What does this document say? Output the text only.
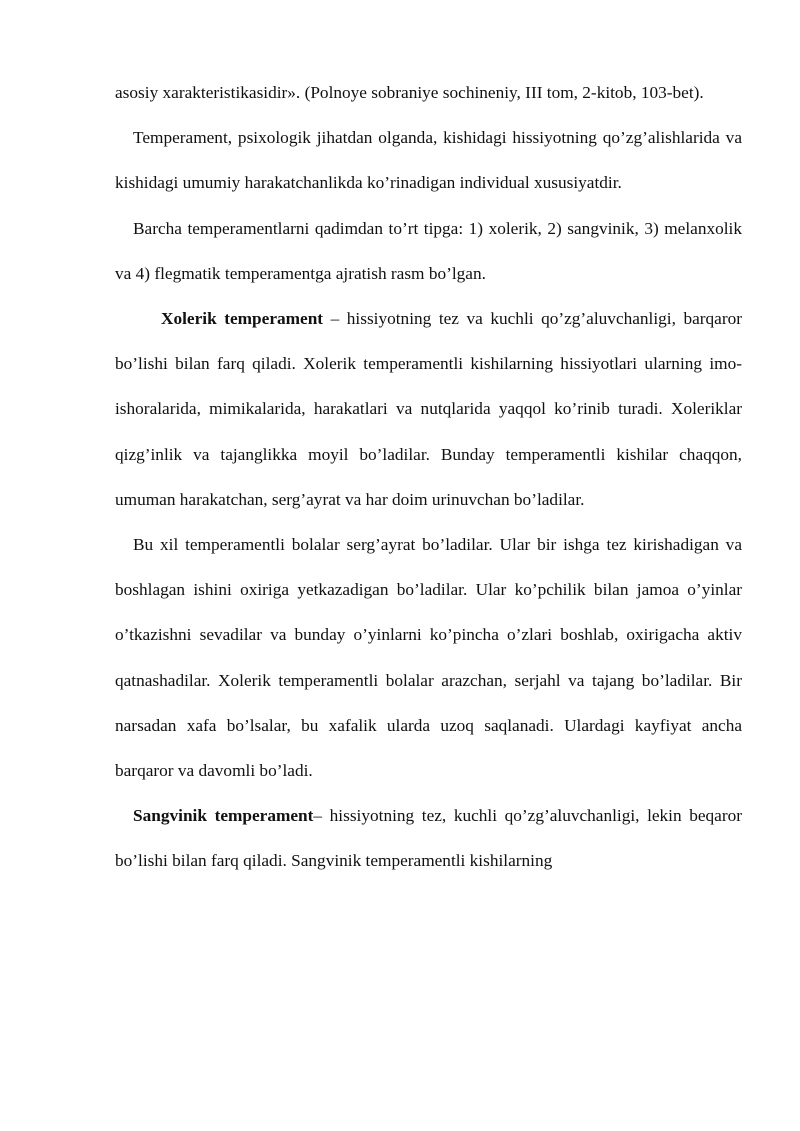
asosiy xarakteristikasidir». (Polnoye sobraniye sochineniy, III tom, 2-kitob, 103-bet).

Temperament, psixologik jihatdan olganda, kishidagi hissiyotning qo’zg’alishlarida va kishidagi umumiy harakatchanlikda ko’rinadigan individual xususiyatdir.

Barcha temperamentlarni qadimdan to’rt tipga: 1) xolerik, 2) sangvinik, 3) melanxolik va 4) flegmatik temperamentga ajratish rasm bo’lgan.

Xolerik temperament – hissiyotning tez va kuchli qo’zg’aluvchanligi, barqaror bo’lishi bilan farq qiladi. Xolerik temperamentli kishilarning hissiyotlari ularning imo-ishoralarida, mimikalarida, harakatlari va nutqlarida yaqqol ko’rinib turadi. Xoleriklar qizg’inlik va tajanglikka moyil bo’ladilar. Bunday temperamentli kishilar chaqqon, umuman harakatchan, serg’ayrat va har doim urinuvchan bo’ladilar.

Bu xil temperamentli bolalar serg’ayrat bo’ladilar. Ular bir ishga tez kirishadigan va boshlagan ishini oxiriga yetkazadigan bo’ladilar. Ular ko’pchilik bilan jamoa o’yinlar o’tkazishni sevadilar va bunday o’yinlarni ko’pincha o’zlari boshlab, oxirigacha aktiv qatnashadilar. Xolerik temperamentli bolalar arazchan, serjahl va tajang bo’ladilar. Bir narsadan xafa bo’lsalar, bu xafalik ularda uzoq saqlanadi. Ulardagi kayfiyat ancha barqaror va davomli bo’ladi.

Sangvinik temperament– hissiyotning tez, kuchli qo’zg’aluvchanligi, lekin beqaror bo’lishi bilan farq qiladi. Sangvinik temperamentli kishilarning
